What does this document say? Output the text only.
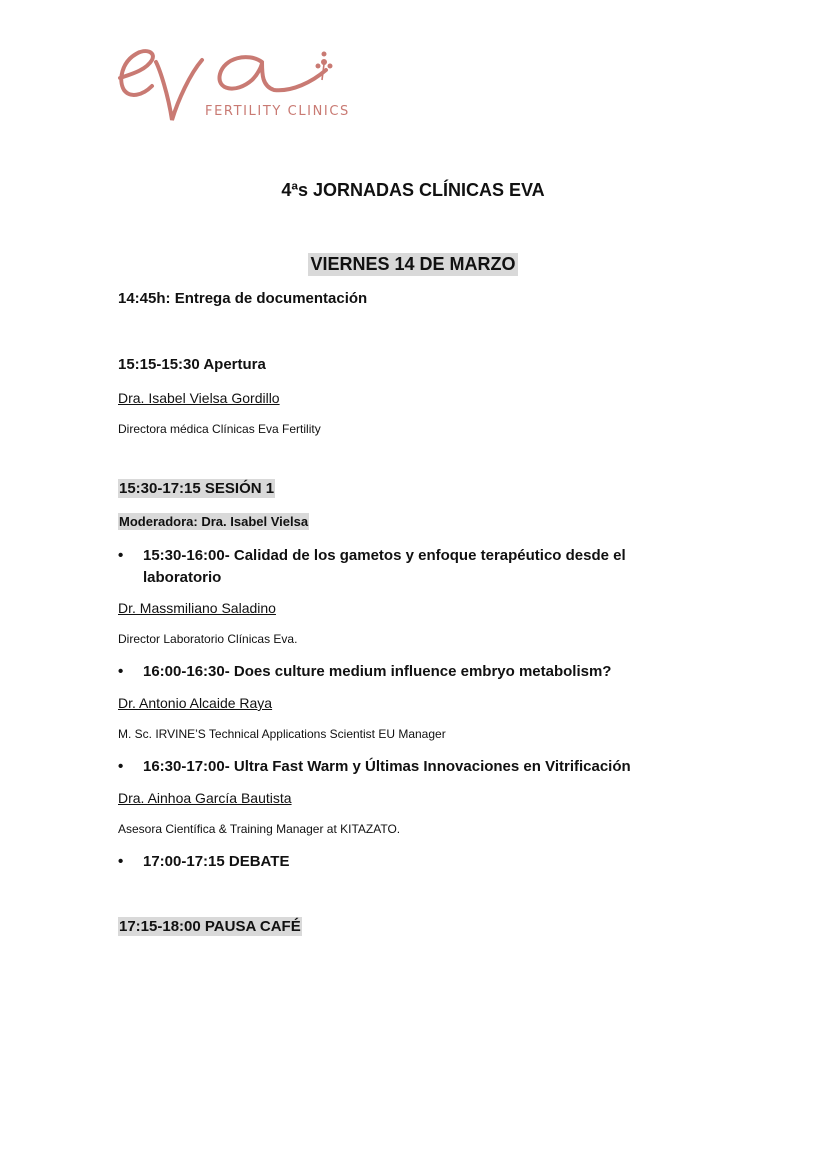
FERTILITY CLINICS
4ªs JORNADAS CLÍNICAS EVA
VIERNES 14 DE MARZO
14:45h: Entrega de documentación
15:15-15:30 Apertura
Dra. Isabel Vielsa Gordillo
Directora médica Clínicas Eva Fertility
15:30-17:15 SESIÓN 1
Moderadora: Dra. Isabel Vielsa
• 15:30-16:00- Calidad de los gametos y enfoque terapéutico desde el laboratorio
Dr. Massmiliano Saladino
Director Laboratorio Clínicas Eva.
• 16:00-16:30- Does culture medium influence embryo metabolism?
Dr. Antonio Alcaide Raya
M. Sc. IRVINE’S Technical Applications Scientist EU Manager
• 16:30-17:00- Ultra Fast Warm y Últimas Innovaciones en Vitrificación
Dra. Ainhoa García Bautista
Asesora Científica & Training Manager at KITAZATO.
• 17:00-17:15 DEBATE
17:15-18:00 PAUSA CAFÉ
